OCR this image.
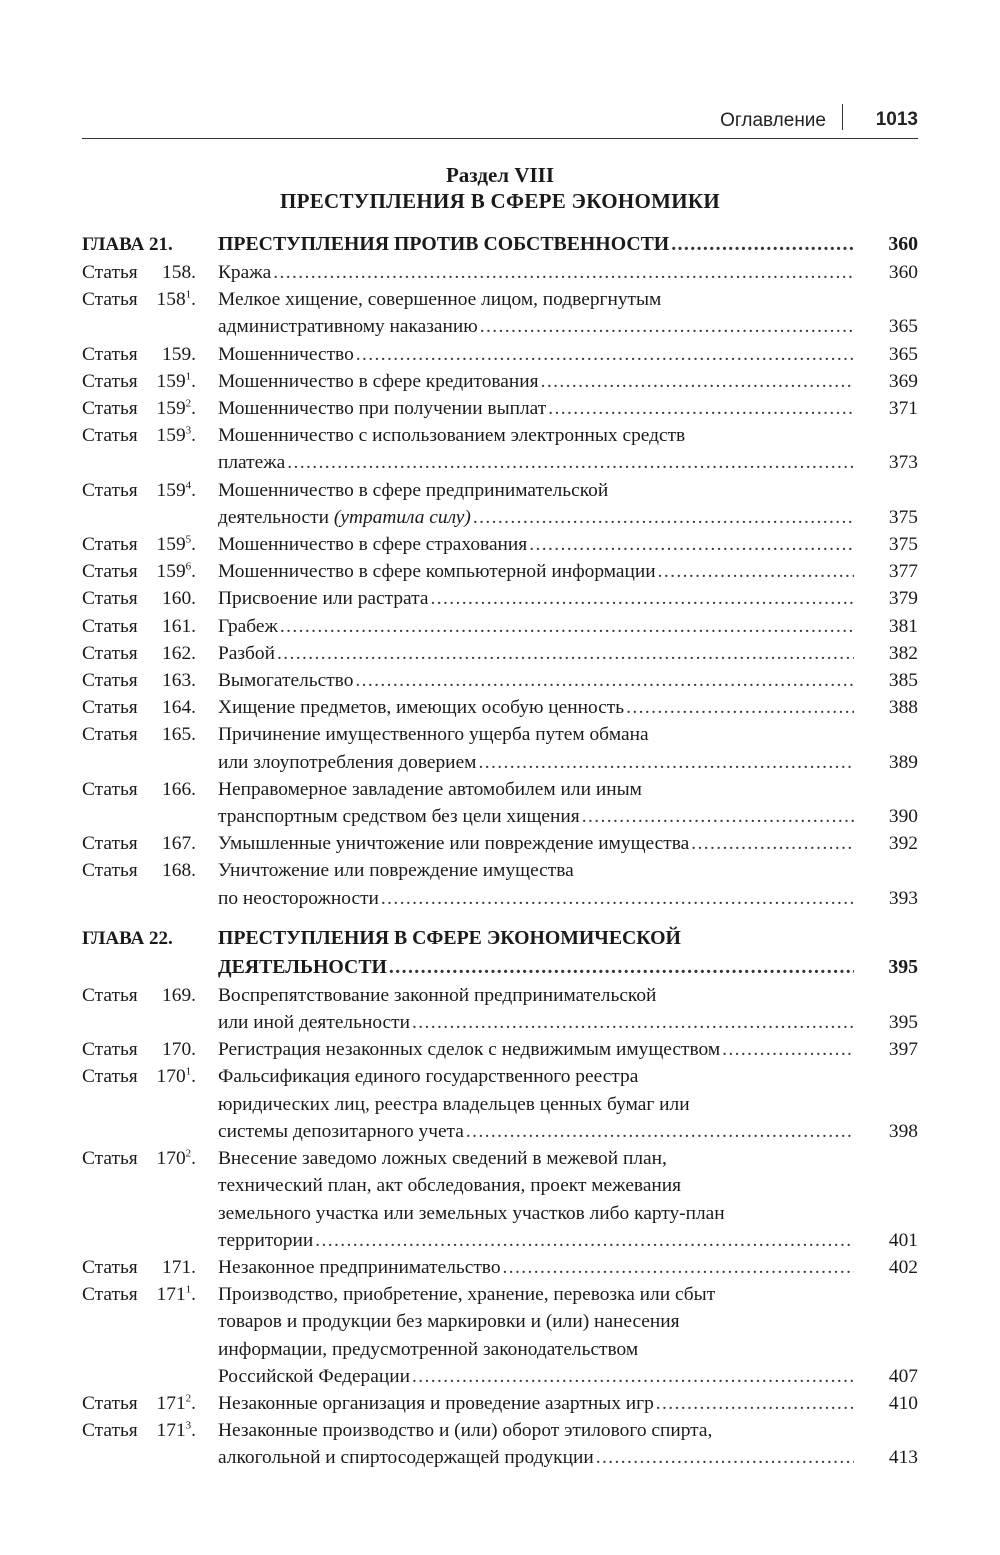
Оглавление	1013
Раздел VIII
ПРЕСТУПЛЕНИЯ В СФЕРЕ ЭКОНОМИКИ
ГЛАВА 21. ПРЕСТУПЛЕНИЯ ПРОТИВ СОБСТВЕННОСТИ .....	360
Статья	158. Кража .....	360
Статья $158^1$. Мелкое хищение, совершенное лицом, подвергнутым
административному наказанию .....	365
Статья	159. Мошенничество .....	365
Статья $159^1$. Мошенничество в сфере кредитования .....	369
Статья $159^2$. Мошенничество при получении выплат .....	371
Статья $159^3$. Мошенничество с использованием электронных средств
платежа .....	373
Статья $159^4$. Мошенничество в сфере предпринимательской
деятельности
(утратила силу) .....	375
Статья $159^5$. Мошенничество в сфере страхования .....	375
Статья $159^6$. Мошенничество в сфере компьютерной информации .....	377
Статья	160. Присвоение или растрата .....	379
Статья	161. Грабеж .....	381
Статья	162. Разбой .....	382
Статья	163. Вымогательство .....	385
Статья	164. Хищение предметов, имеющих особую ценность .....	388
Статья	165. Причинение имущественного ущерба путем обмана
или злоупотребления доверием .....	389
Статья	166. Неправомерное завладение автомобилем или иным
транспортным средством без цели хищения .....	390
Статья	167. Умышленные уничтожение или повреждение имущества .....	392
Статья	168. Уничтожение или повреждение имущества
по неосторожности .....	393
ГЛАВА 22. ПРЕСТУПЛЕНИЯ В СФЕРЕ ЭКОНОМИЧЕСКОЙ
ДЕЯТЕЛЬНОСТИ .....	395
Статья	169. Воспрепятствование законной предпринимательской
или иной деятельности .....	395
Статья	170. Регистрация незаконных сделок с недвижимым имуществом .....	397
Статья $170^1$. Фальсификация единого государственного реестра
юридических лиц, реестра владельцев ценных бумаг или
системы депозитарного учета .....	398
Статья $170^2$. Внесение заведомо ложных сведений в межевой план,
технический план, акт обследования, проект межевания
земельного участка или земельных участков либо карту-план
территории .....	401
Статья	171. Незаконное предпринимательство .....	402
Статья $171^1$. Производство, приобретение, хранение, перевозка или сбыт
товаров и продукции без маркировки и (или) нанесения
информации, предусмотренной законодательством
Российской Федерации .....	407
Статья $171^2$. Незаконные организация и проведение азартных игр .....	410
Статья $171^3$. Незаконные производство и (или) оборот этилового спирта,
алкогольной и спиртосодержащей продукции .....	413
